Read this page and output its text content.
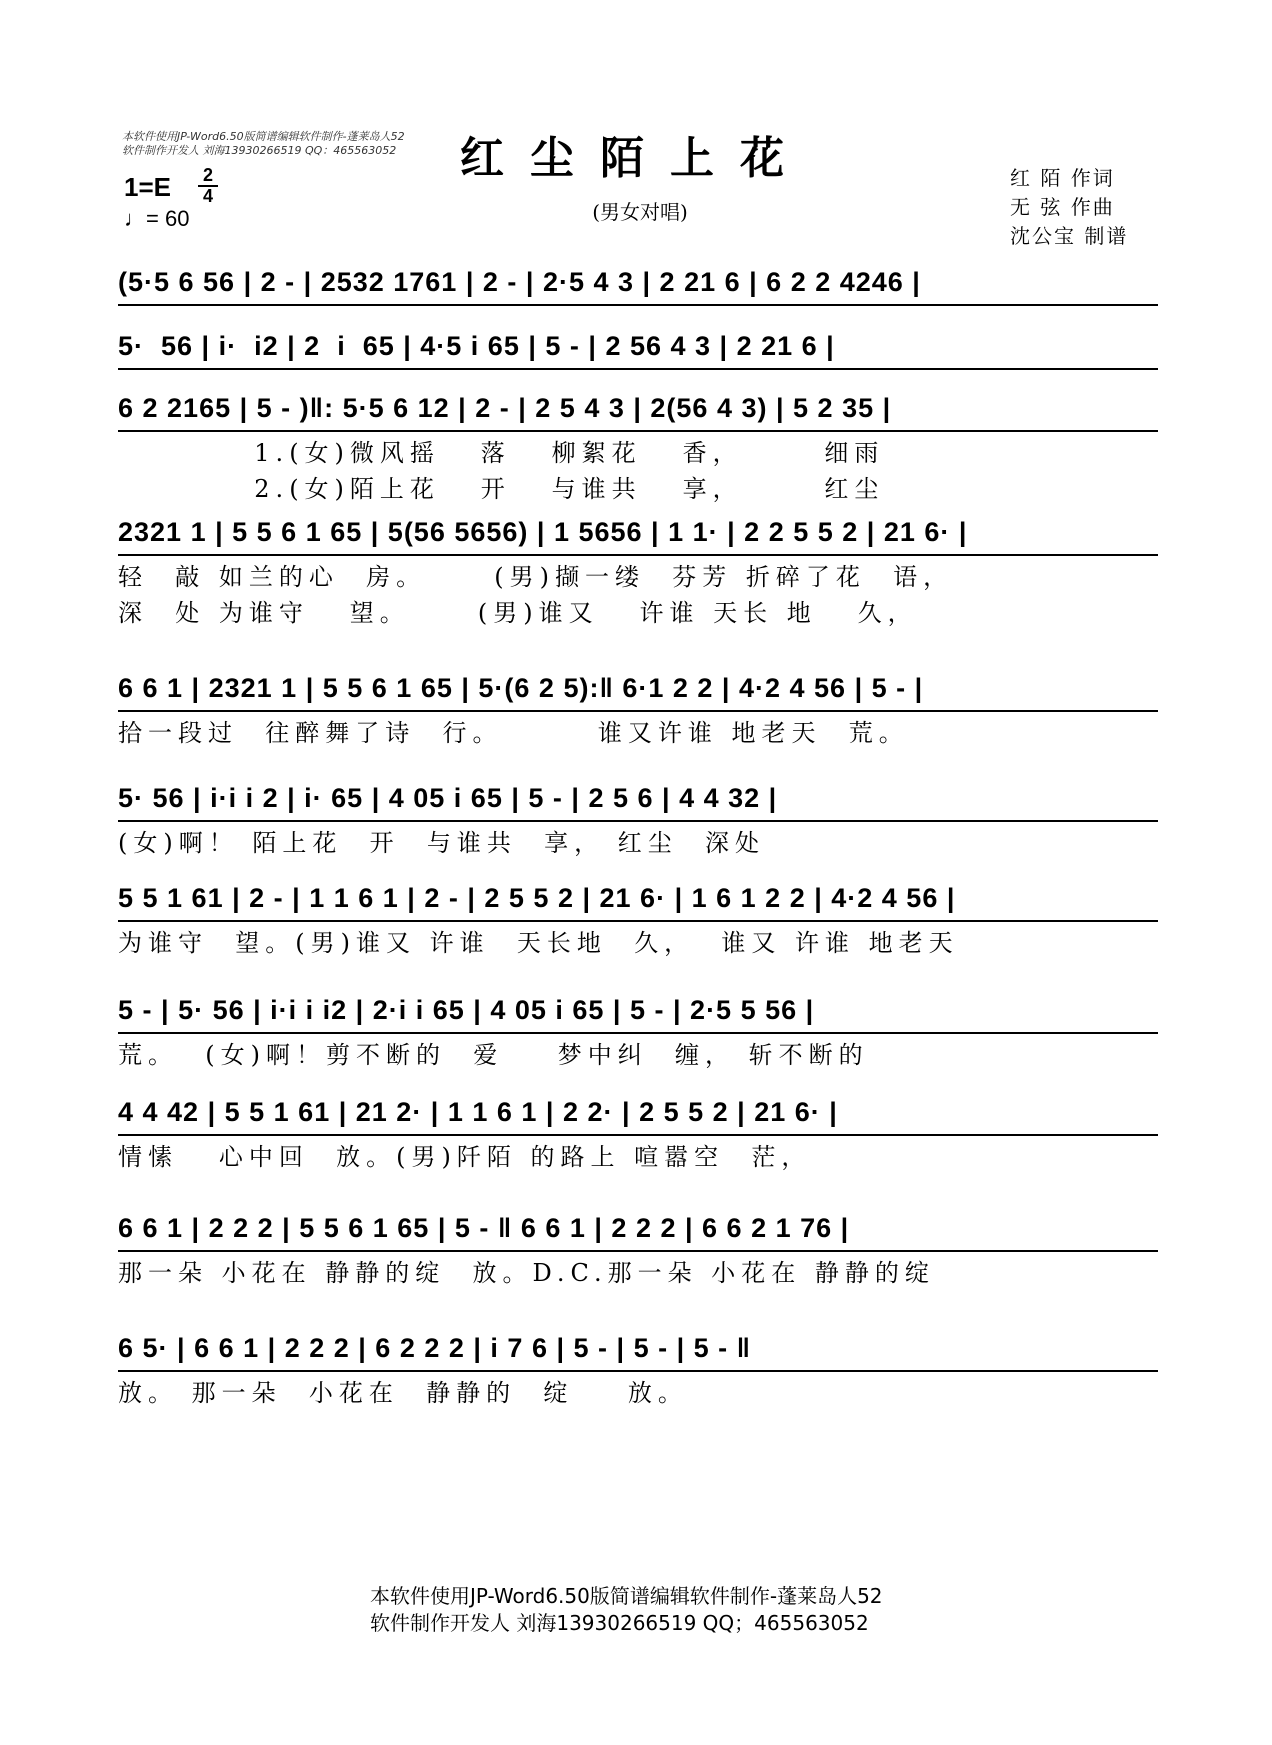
本软件使用JP-Word6.50版简谱编辑软件制作-蓬莱岛人52
软件制作开发人 刘海13930266519 QQ：465563052	红尘陌上花
(男女对唱)
1=E	2
4
♩= 60
红 陌 作词
无 弦 作曲
沈公宝 制谱
(5·5 6 56 | 2 - | 2532 1761 | 2 - | 2·5 4 3 | 2 21 6 | 6 2 2 4246 |
5·  56 | i·  i2 | 2  i  65 | 4·5 i 65 | 5 - | 2 56 4 3 | 2 21 6 |
6 2 2165 | 5 - )‖: 5·5 6 12 | 2 - | 2 5 4 3 | 2(56 4 3) | 5 2 35 |
1.(女)微风摇   落   柳絮花   香，      细雨
2.(女)陌上花   开   与谁共   享，      红尘
2321 1 | 5 5 6 1 65 | 5(56 5656) | 1 5656 | 1 1· | 2 2 5 5 2 | 21 6· |
轻  敲 如兰的心  房。     (男)撷一缕  芬芳 折碎了花  语，
深  处 为谁守   望。     (男)谁又   许谁 天长 地   久，
6 6 1 | 2321 1 | 5 5 6 1 65 | 5·(6 2 5):‖ 6·1 2 2 | 4·2 4 56 | 5 - |
拾一段过  往醉舞了诗  行。       谁又许谁 地老天  荒。
5· 56 | i·i i 2 | i· 65 | 4 05 i 65 | 5 - | 2 5 6 | 4 4 32 |
(女)啊！ 陌上花  开  与谁共  享， 红尘  深处
5 5 1 61 | 2 - | 1 1 6 1 | 2 - | 2 5 5 2 | 21 6· | 1 6 1 2 2 | 4·2 4 56 |
为谁守  望。(男)谁又 许谁  天长地  久，  谁又 许谁 地老天
5 - | 5· 56 | i·i i i2 | 2·i i 65 | 4 05 i 65 | 5 - | 2·5 5 56 |
荒。  (女)啊！剪不断的  爱    梦中纠  缠， 斩不断的
4 4 42 | 5 5 1 61 | 21 2· | 1 1 6 1 | 2 2· | 2 5 5 2 | 21 6· |
情愫   心中回  放。(男)阡陌 的路上 喧嚣空  茫，
6 6 1 | 2 2 2 | 5 5 6 1 65 | 5 - ‖ 6 6 1 | 2 2 2 | 6 6 2 1 76 |
那一朵 小花在 静静的绽  放。D.C.那一朵 小花在 静静的绽
6 5· | 6 6 1 | 2 2 2 | 6 2 2 2 | i 7 6 | 5 - | 5 - | 5 - ‖
放。 那一朵  小花在  静静的  绽    放。
本软件使用JP-Word6.50版简谱编辑软件制作-蓬莱岛人52
软件制作开发人 刘海13930266519 QQ；465563052
